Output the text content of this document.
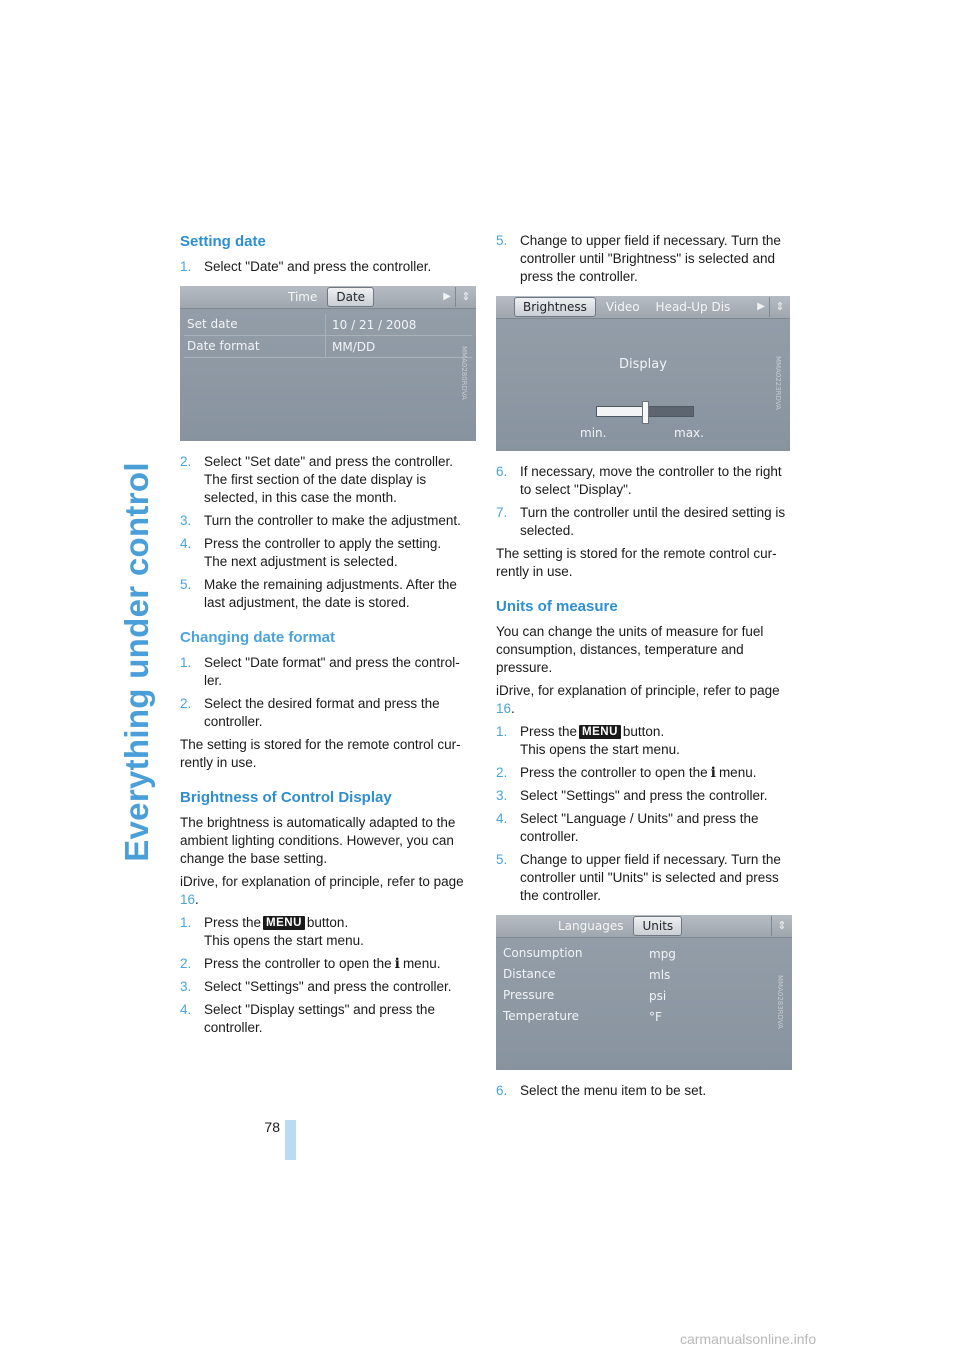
Everything under control
78
carmanualsonline.info
Setting date
1. Select "Date" and press the controller.
Time	Date	▶ ⇕
Set date	10 / 21 / 2008
Date format	MM/DD	MMA0280RDVA
2. Select "Set date" and press the controller.
The first section of the date display is selected, in this case the month.
3. Turn the controller to make the adjustment.
4. Press the controller to apply the setting.
The next adjustment is selected.
5. Make the remaining adjustments. After the last adjustment, the date is stored.
Changing date format
1. Select "Date format" and press the control-ler.
2. Select the desired format and press the controller.

The setting is stored for the remote control cur-rently in use.

Brightness of Control Display

The brightness is automatically adapted to the ambient lighting conditions. However, you can change the base setting.

iDrive, for explanation of principle, refer to page 16.

1. Press the MENU button.
This opens the start menu.
2. Press the controller to open the i menu.
3. Select "Settings" and press the controller.
4. Select "Display settings" and press the controller.
5. Change to upper field if necessary. Turn the controller until "Brightness" is selected and press the controller.
Brightness	Video	Head-Up Dis	▶ ⇕
Display
min.	max.
MMA0223RDVA
6. If necessary, move the controller to the right to select "Display".
7. Turn the controller until the desired setting is selected.

The setting is stored for the remote control cur-rently in use.

Units of measure

You can change the units of measure for fuel consumption, distances, temperature and pressure.

iDrive, for explanation of principle, refer to page 16.

1. Press the MENU button.
This opens the start menu.
2. Press the controller to open the i menu.
3. Select "Settings" and press the controller.
4. Select "Language / Units" and press the controller.
5. Change to upper field if necessary. Turn the controller until "Units" is selected and press the controller.
Languages	Units	⇕
Consumption	mpg
Distance	mls
Pressure	psi
Temperature	°F	MMA0283RDVA
6. Select the menu item to be set.
